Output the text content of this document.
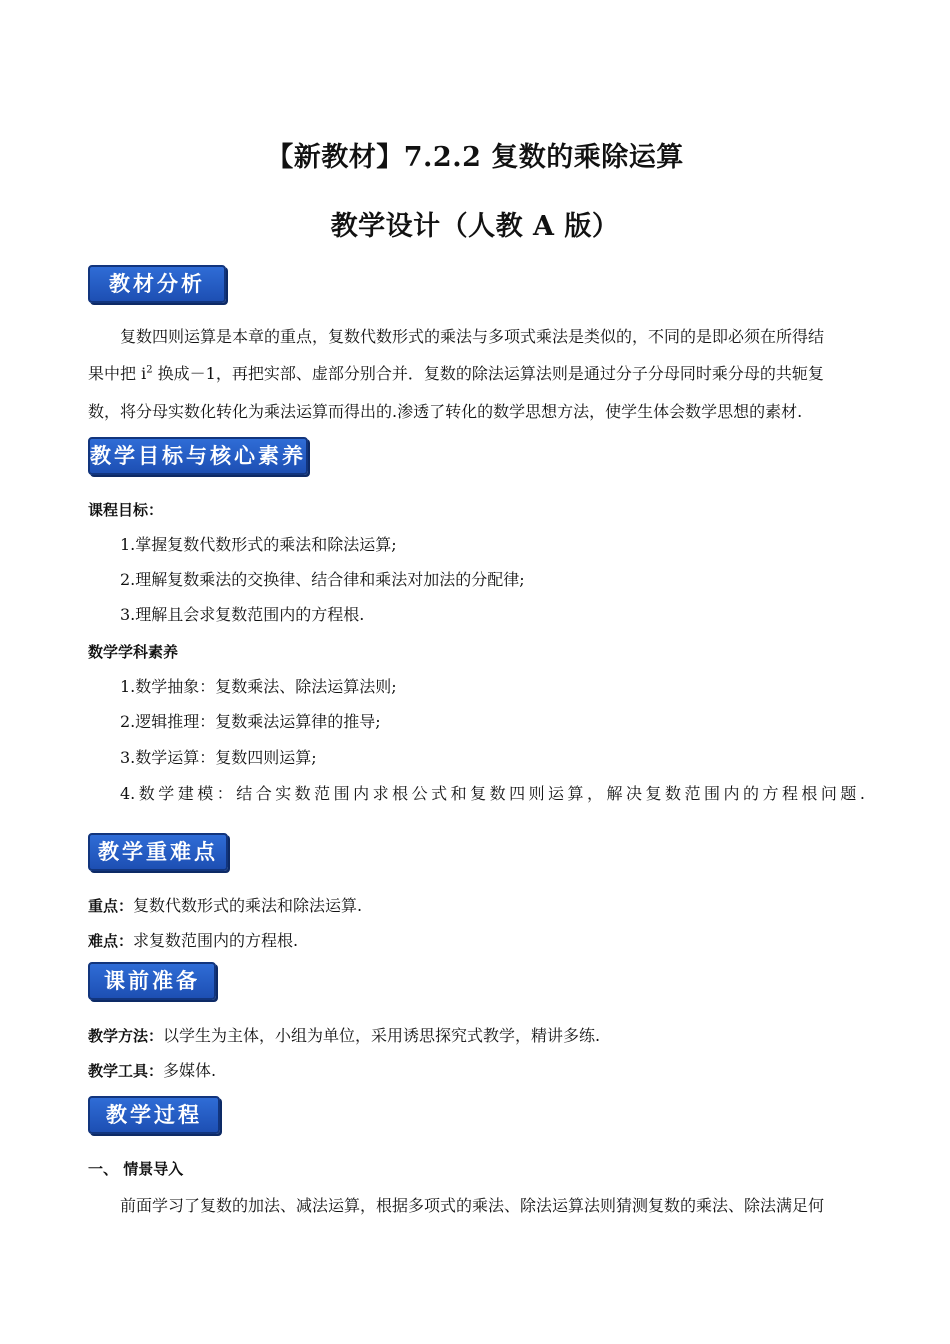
【新教材】7.2.2 复数的乘除运算
教学设计（人教 A 版）
教材分析
复数四则运算是本章的重点，复数代数形式的乘法与多项式乘法是类似的，不同的是即必须在所得结
果中把 $i^2$ 换成－1，再把实部、虚部分别合并．复数的除法运算法则是通过分子分母同时乘分母的共轭复
数，将分母实数化转化为乘法运算而得出的.渗透了转化的数学思想方法，使学生体会数学思想的素材.
教学目标与核心素养
课程目标：
1.掌握复数代数形式的乘法和除法运算;
2.理解复数乘法的交换律、结合律和乘法对加法的分配律;
3.理解且会求复数范围内的方程根.
数学学科素养
1.数学抽象：复数乘法、除法运算法则;
2.逻辑推理：复数乘法运算律的推导;
3.数学运算：复数四则运算;
4.数学建模：结合实数范围内求根公式和复数四则运算，解决复数范围内的方程根问题.
教学重难点
重点：复数代数形式的乘法和除法运算.
难点：求复数范围内的方程根.
课前准备
教学方法：以学生为主体，小组为单位，采用诱思探究式教学，精讲多练.
教学工具：多媒体.
教学过程
一、 情景导入
前面学习了复数的加法、减法运算，根据多项式的乘法、除法运算法则猜测复数的乘法、除法满足何
